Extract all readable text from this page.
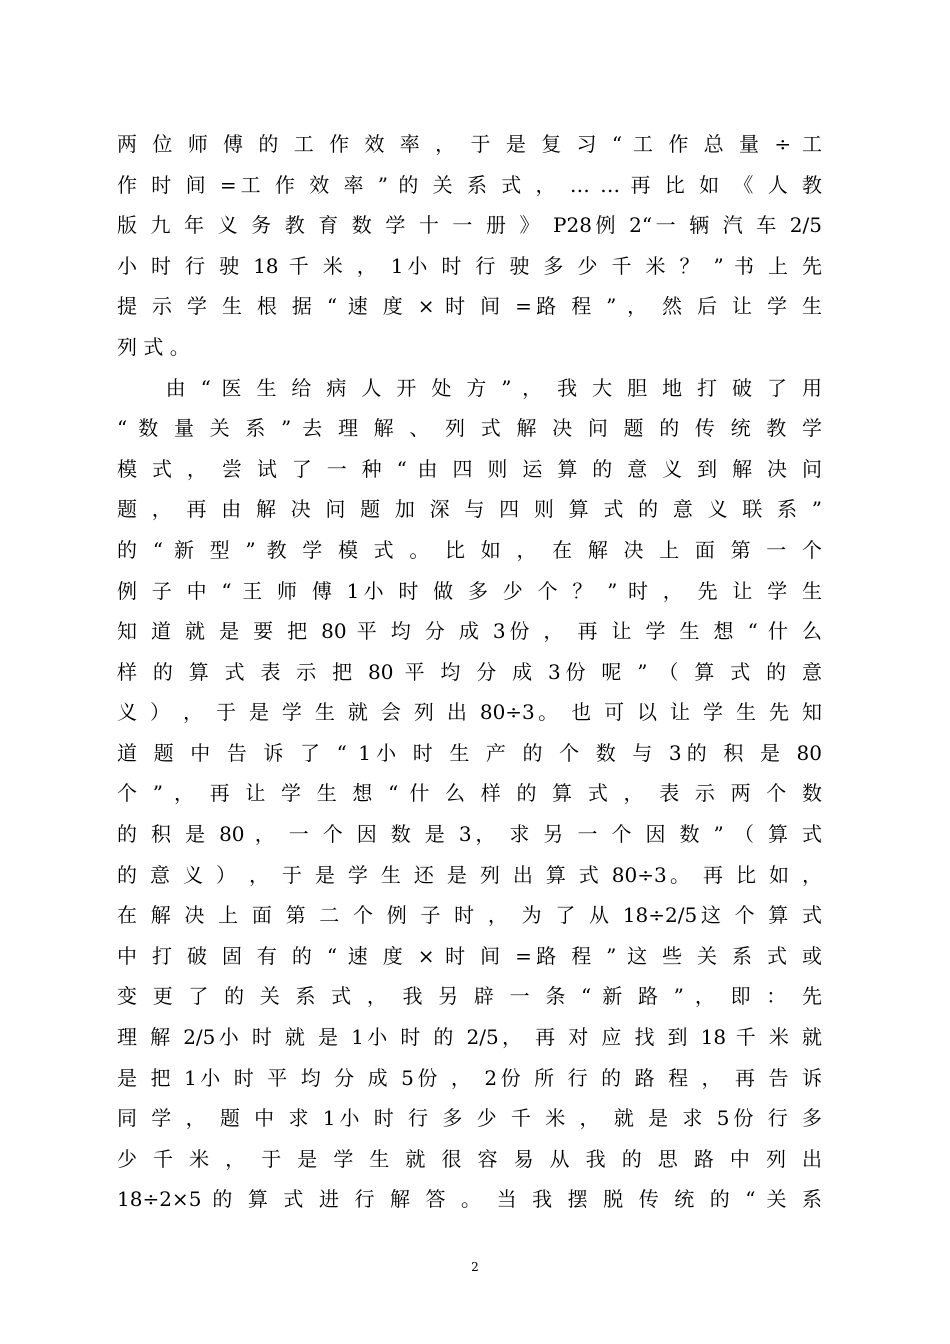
两 位 师 傅 的 工 作 效 率 ， 于 是 复 习 “ 工 作 总 量 ÷ 工
作 时 间 =工 作 效 率 ” 的 关 系 式 ， … … 再 比 如 《 人 教
版 九 年 义 务 教 育 数 学 十 一 册 》 P28例 2“一 辆 汽 车 2/5
小 时 行 驶 18 千 米 ， 1小 时 行 驶 多 少 千 米 ？ ” 书 上 先
提 示 学 生 根 据 “ 速 度 × 时 间 =路 程 ” ， 然 后 让 学 生
列 式 。
　　由 “ 医 生 给 病 人 开 处 方 ” ， 我 大 胆 地 打 破 了 用
“ 数 量 关 系 ” 去 理 解 、 列 式 解 决 问 题 的 传 统 教 学
模 式 ， 尝 试 了 一 种 “ 由 四 则 运 算 的 意 义 到 解 决 问
题 ， 再 由 解 决 问 题 加 深 与 四 则 算 式 的 意 义 联 系 ”
的 “ 新 型 ” 教 学 模 式 。 比 如 ， 在 解 决 上 面 第 一 个
例 子 中 “ 王 师 傅 1小 时 做 多 少 个 ？ ” 时 ， 先 让 学 生
知 道 就 是 要 把 80 平 均 分 成 3份 ， 再 让 学 生 想 “ 什 么
样 的 算 式 表 示 把 80 平 均 分 成 3份 呢 ” （ 算 式 的 意
义 ） ， 于 是 学 生 就 会 列 出 80÷3。 也 可 以 让 学 生 先 知
道 题 中 告 诉 了 “ 1小 时 生 产 的 个 数 与 3的 积 是 80
个 ” ， 再 让 学 生 想 “ 什 么 样 的 算 式 ， 表 示 两 个 数
的 积 是 80 ， 一 个 因 数 是 3， 求 另 一 个 因 数 ” （ 算 式
的 意 义 ） ， 于 是 学 生 还 是 列 出 算 式 80÷3。 再 比 如 ，
在 解 决 上 面 第 二 个 例 子 时 ， 为 了 从 18÷2/5这 个 算 式
中 打 破 固 有 的 “ 速 度 × 时 间 =路 程 ” 这 些 关 系 式 或
变 更 了 的 关 系 式 ， 我 另 辟 一 条 “ 新 路 ” ， 即 ： 先
理 解 2/5小 时 就 是 1小 时 的 2/5， 再 对 应 找 到 18 千 米 就
是 把 1小 时 平 均 分 成 5份 ， 2份 所 行 的 路 程 ， 再 告 诉
同 学 ， 题 中 求 1小 时 行 多 少 千 米 ， 就 是 求 5份 行 多
少 千 米 ， 于 是 学 生 就 很 容 易 从 我 的 思 路 中 列 出
18÷2×5 的 算 式 进 行 解 答 。 当 我 摆 脱 传 统 的 “ 关 系
2
